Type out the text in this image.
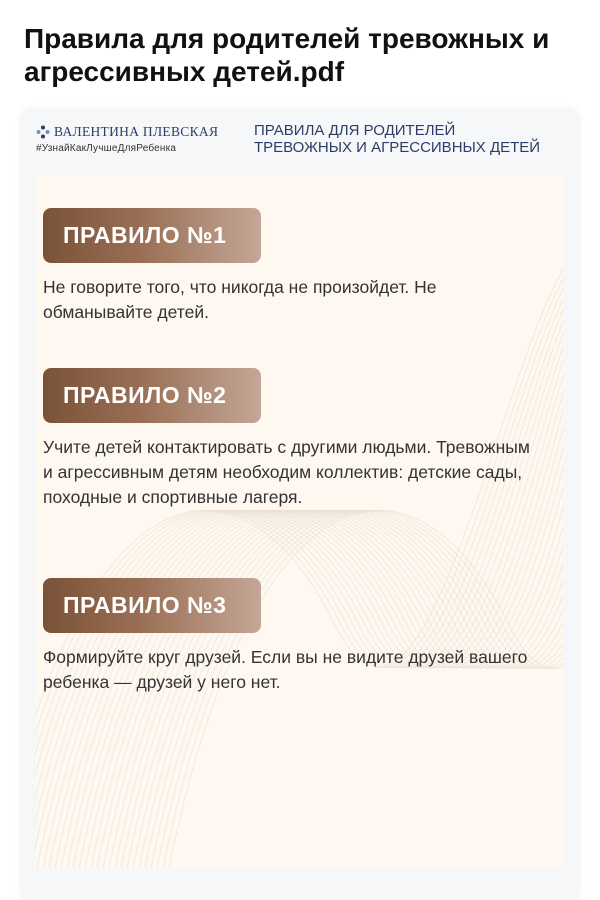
Правила для родителей тревожных и агрессивных детей.pdf
ВАЛЕНТИНА ПЛЕВСКАЯ
#УзнайКакЛучшеДляРебенка
ПРАВИЛА ДЛЯ РОДИТЕЛЕЙ
ТРЕВОЖНЫХ И АГРЕССИВНЫХ ДЕТЕЙ
ПРАВИЛО №1
Не говорите того, что никогда не произойдет. Не обманывайте детей.
ПРАВИЛО №2
Учите детей контактировать с другими людьми. Тревожным и агрессивным детям необходим коллектив: детские сады, походные и спортивные лагеря.
ПРАВИЛО №3
Формируйте круг друзей. Если вы не видите друзей вашего ребенка — друзей у него нет.
